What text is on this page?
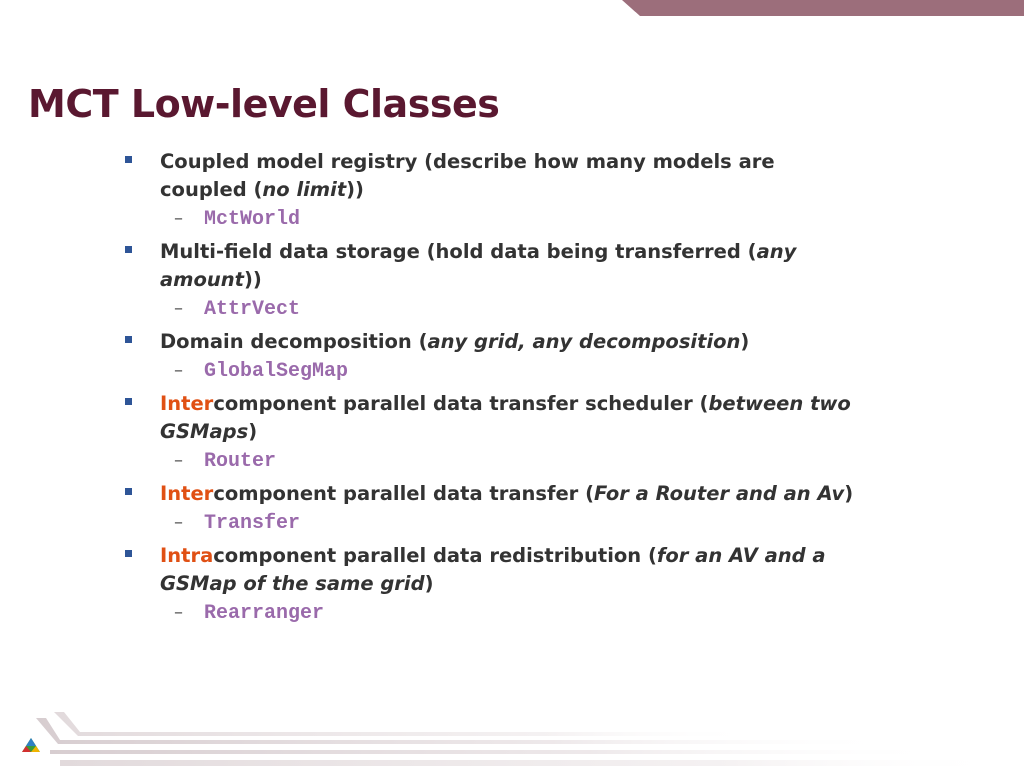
MCT Low-level Classes
Coupled model registry (describe how many models are coupled (no limit))
– MctWorld
Multi-field data storage (hold data being transferred (any amount))
– AttrVect
Domain decomposition (any grid, any decomposition)
– GlobalSegMap
Intercomponent parallel data transfer scheduler (between two GSMaps)
– Router
Intercomponent parallel data transfer (For a Router and an Av)
– Transfer
Intracomponent parallel data redistribution (for an AV and a GSMap of the same grid)
– Rearranger
